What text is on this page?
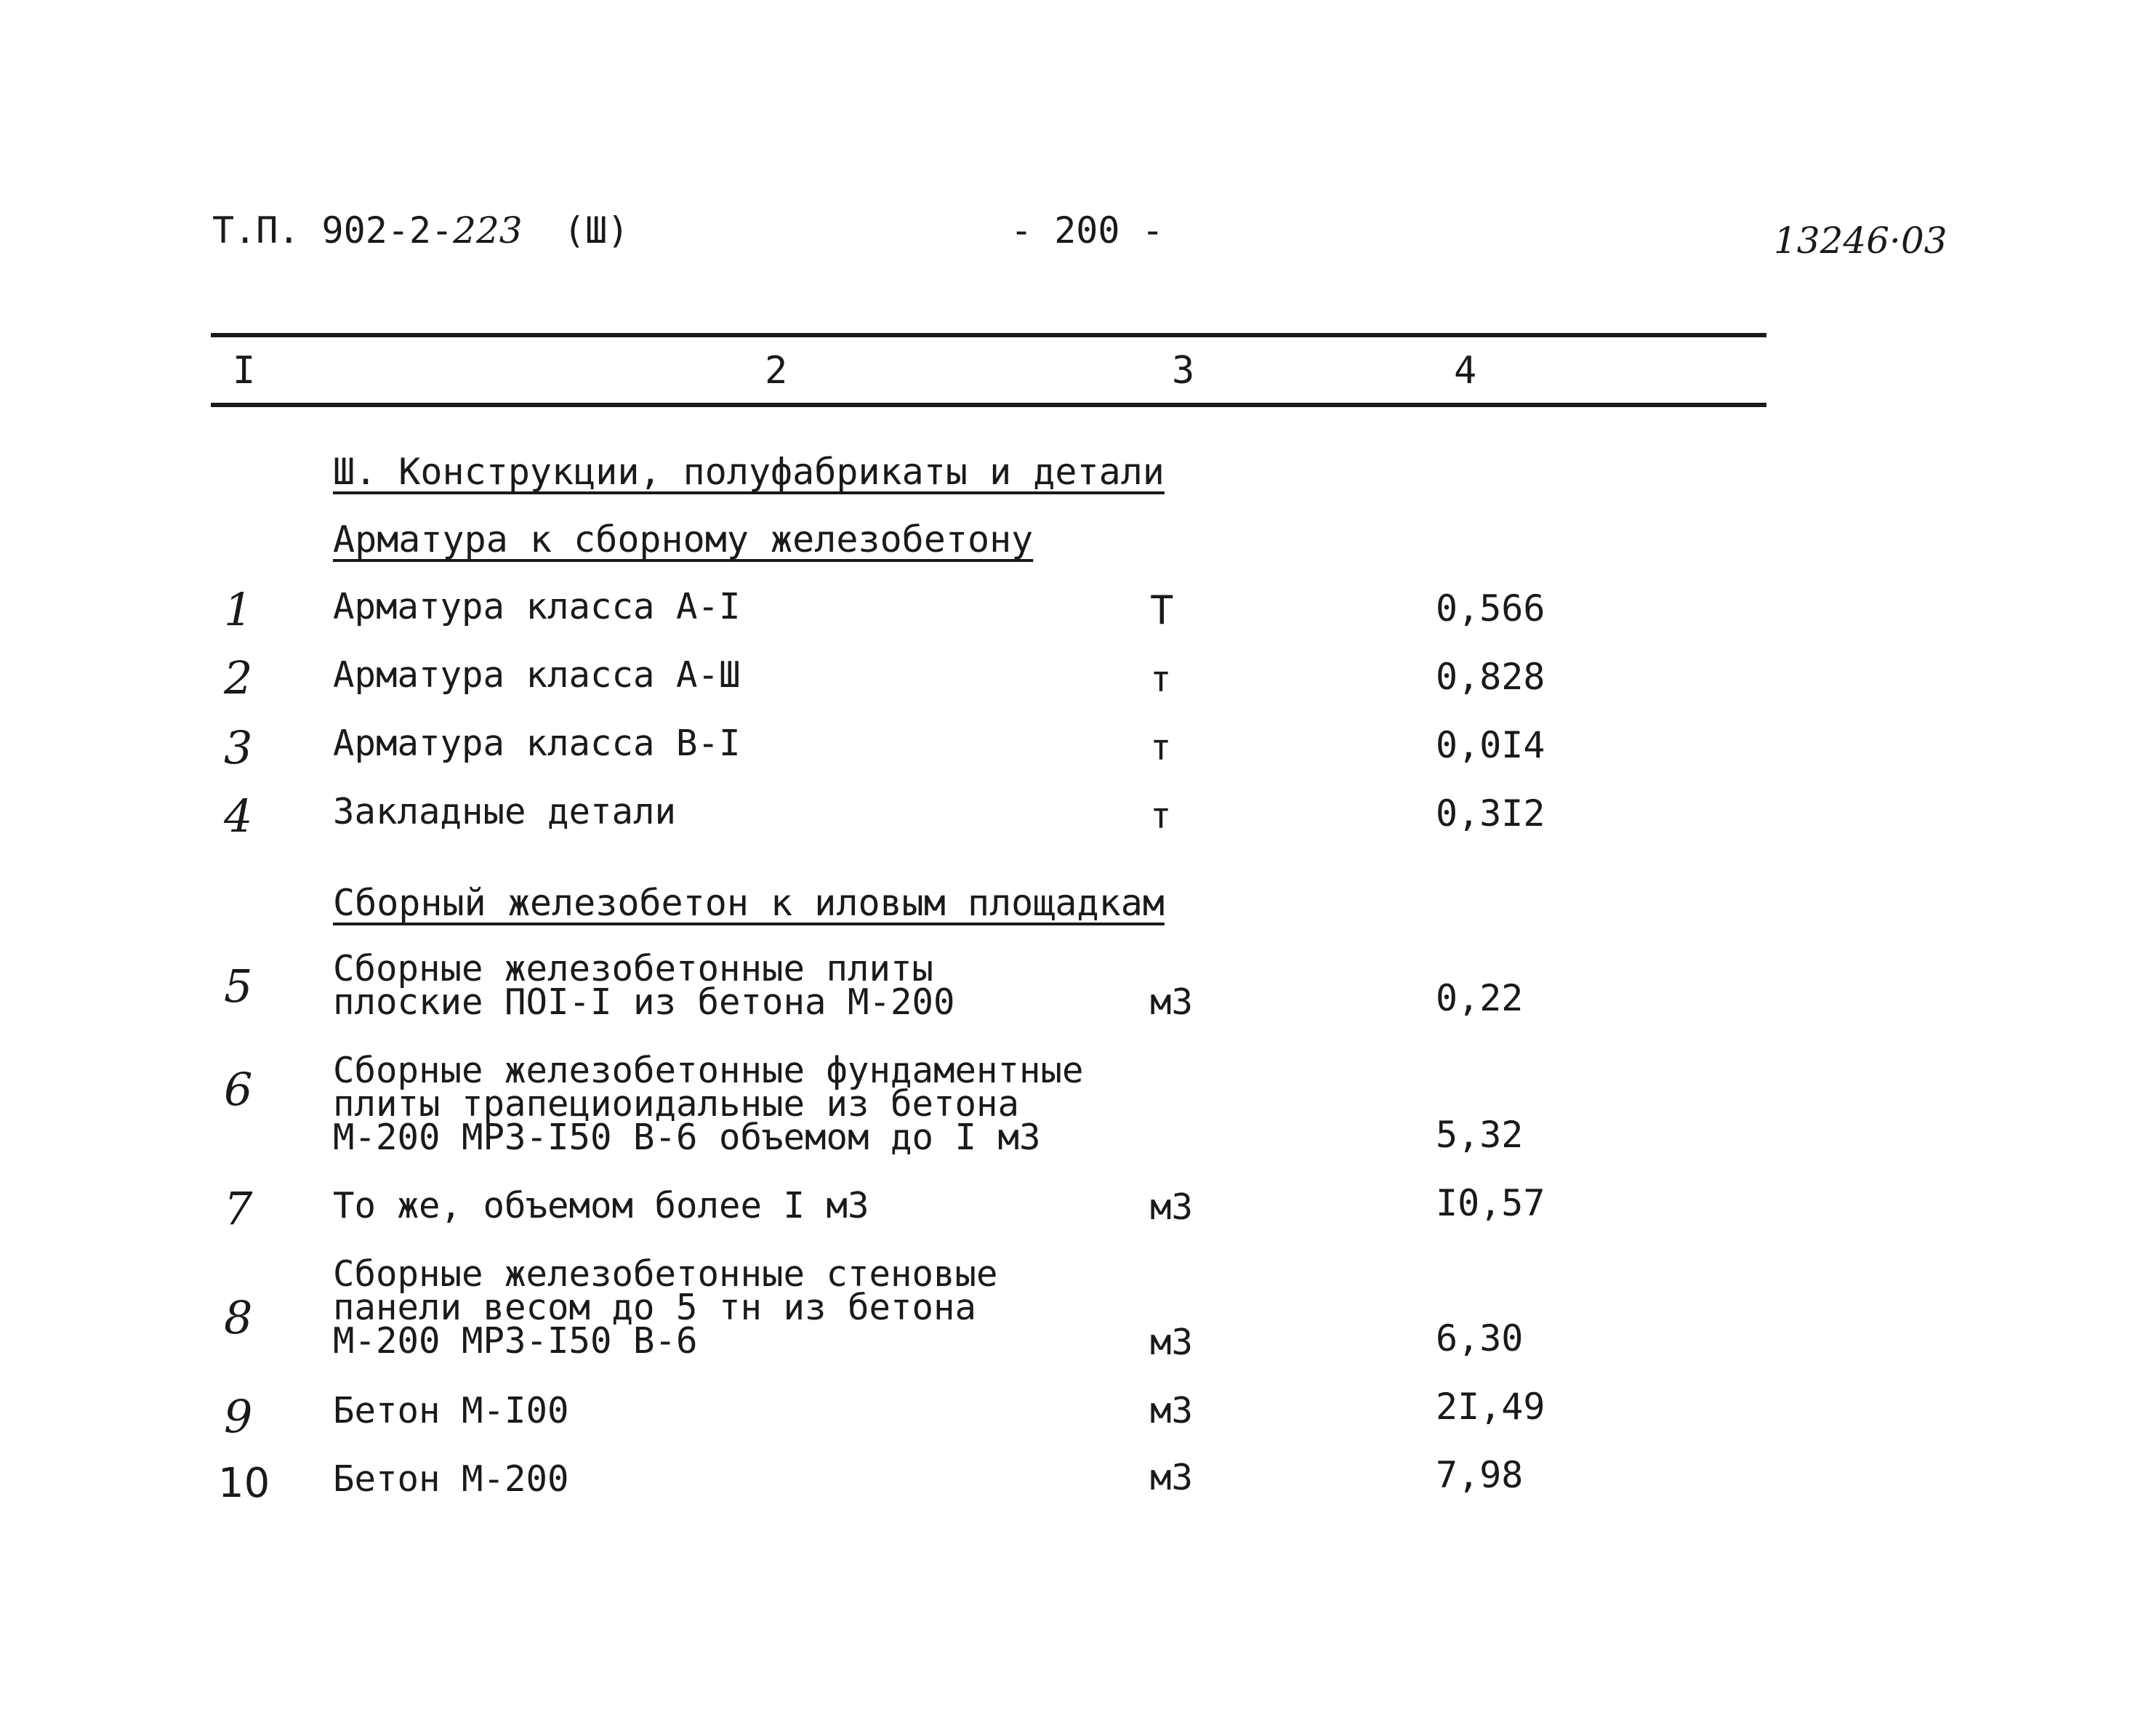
Т.П. 902-2-223 (Ш)	- 200 -	13246·03
I	2	3	4
Ш. Конструкции, полуфабрикаты и детали
Арматура к сборному железобетону
1 Арматура класса А-I	Т	0,566
2 Арматура класса А-Ш	т	0,828
3 Арматура класса В-I	т	0,0I4
4 Закладные детали	т	0,3I2
Сборный железобетон к иловым площадкам
5 Сборные железобетонные плиты
плоские ПОI-I из бетона М-200	м3	0,22
6 Сборные железобетонные фундаментные
плиты трапециоидальные из бетона
М-200 МРЗ-I50 В-6 объемом до I м3	5,32
7 То же, объемом более I м3	м3	I0,57
8
Сборные железобетонные стеновые
панели весом до 5 тн из бетона
М-200 МРЗ-I50 В-6	м3	6,30
9 Бетон М-I00	м3	2I,49
10 Бетон М-200	м3	7,98
